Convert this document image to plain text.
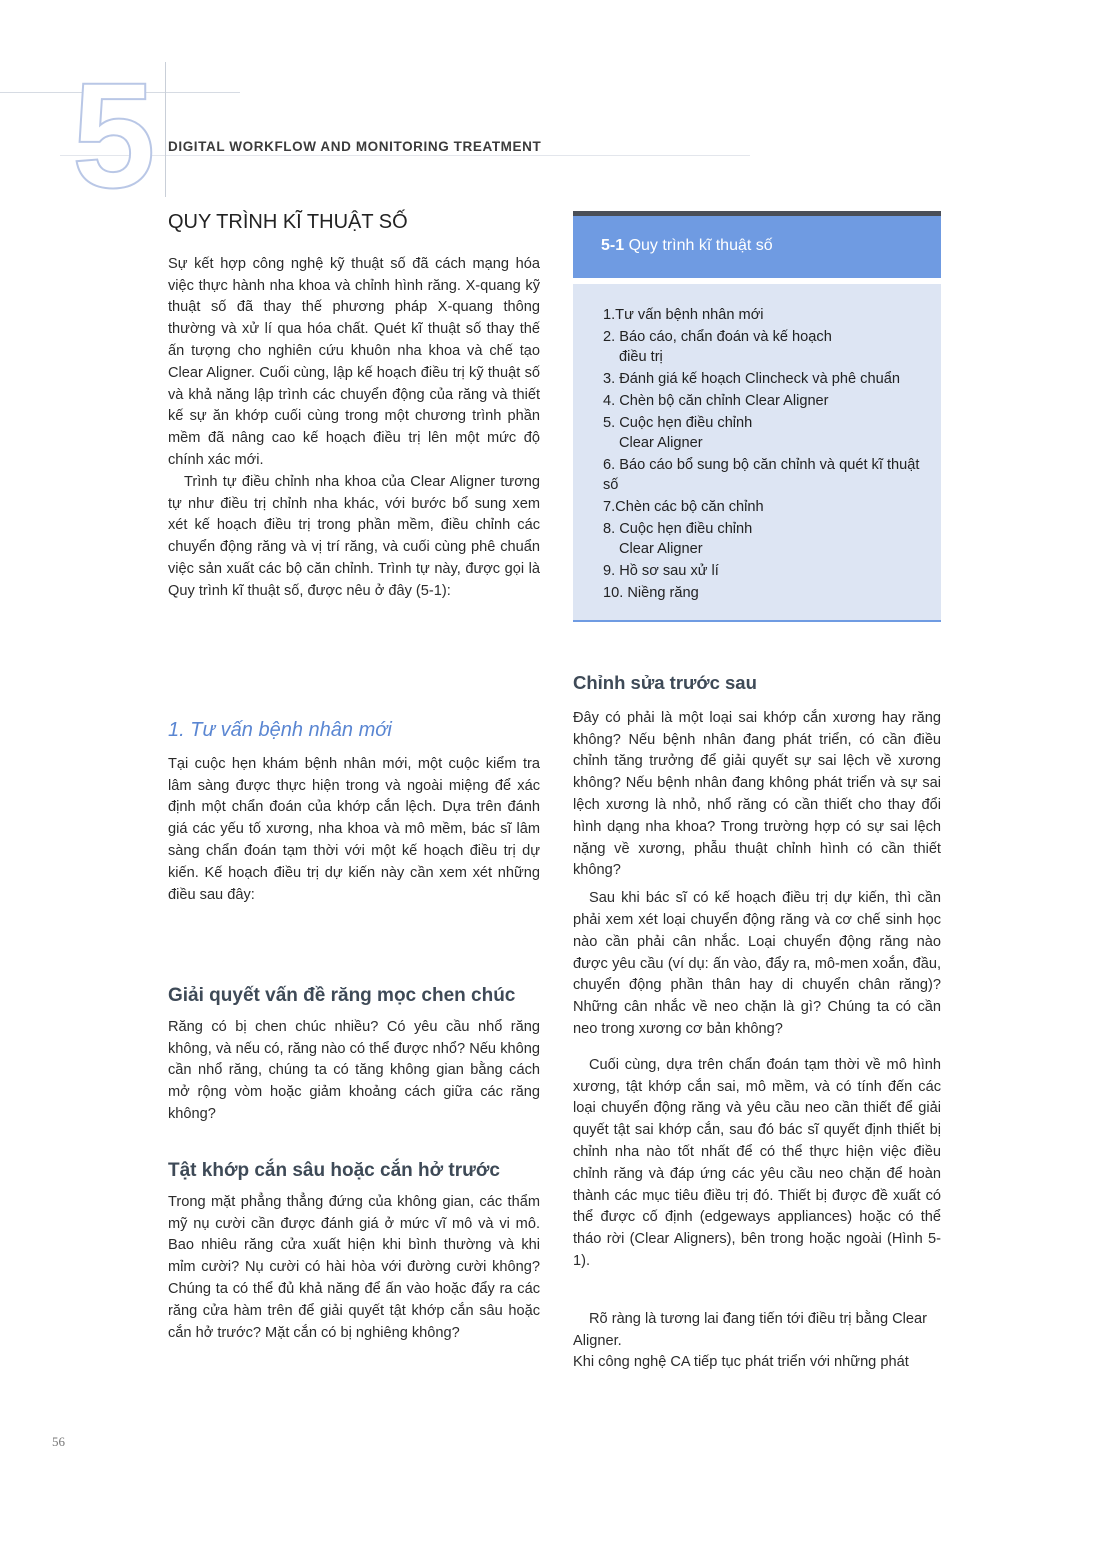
5 DIGITAL WORKFLOW AND MONITORING TREATMENT
QUY TRÌNH KĨ THUẬT SỐ

Sự kết hợp công nghệ kỹ thuật số đã cách mạng hóa việc thực hành nha khoa và chỉnh hình răng. X-quang kỹ thuật số đã thay thế phương pháp X-quang thông thường và xử lí qua hóa chất. Quét kĩ thuật số thay thế ấn tượng cho nghiên cứu khuôn nha khoa và chế tạo Clear Aligner. Cuối cùng, lập kế hoạch điều trị kỹ thuật số và khả năng lập trình các chuyển động của răng và thiết kế sự ăn khớp cuối cùng trong một chương trình phần mềm đã nâng cao kế hoạch điều trị lên một mức độ chính xác mới.

Trình tự điều chỉnh nha khoa của Clear Aligner tương tự như điều trị chỉnh nha khác, với bước bổ sung xem xét kế hoạch điều trị trong phần mềm, điều chỉnh các chuyển động răng và vị trí răng, và cuối cùng phê chuẩn việc sản xuất các bộ căn chỉnh. Trình tự này, được gọi là Quy trình kĩ thuật số, được nêu ở đây (5-1):

1. Tư vấn bệnh nhân mới

Tại cuộc hẹn khám bệnh nhân mới, một cuộc kiểm tra lâm sàng được thực hiện trong và ngoài miệng để xác định một chẩn đoán của khớp cắn lệch. Dựa trên đánh giá các yếu tố xương, nha khoa và mô mềm, bác sĩ lâm sàng chẩn đoán tạm thời với một kế hoạch điều trị dự kiến. Kế hoạch điều trị dự kiến này cần xem xét những điều sau đây:

Giải quyết vấn đề răng mọc chen chúc

Răng có bị chen chúc nhiều? Có yêu cầu nhổ răng không, và nếu có, răng nào có thể được nhổ? Nếu không cần nhổ răng, chúng ta có tăng không gian bằng cách mở rộng vòm hoặc giảm khoảng cách giữa các răng không?

Tật khớp cắn sâu hoặc cắn hở trước

Trong mặt phẳng thẳng đứng của không gian, các thẩm mỹ nụ cười cần được đánh giá ở mức vĩ mô và vi mô. Bao nhiêu răng cửa xuất hiện khi bình thường và khi mỉm cười? Nụ cười có hài hòa với đường cười không? Chúng ta có thể đủ khả năng để ấn vào hoặc đẩy ra các răng cửa hàm trên để giải quyết tật khớp cắn sâu hoặc cắn hở trước? Mặt cắn có bị nghiêng không?

5-1 Quy trình kĩ thuật số
1.Tư vấn bệnh nhân mới
2. Báo cáo, chẩn đoán và kế hoạch
điều trị
3. Đánh giá kế hoạch Clincheck và phê chuẩn
4. Chèn bộ căn chỉnh Clear Aligner
5. Cuộc hẹn điều chỉnh
Clear Aligner
6. Báo cáo bổ sung bộ căn chỉnh và quét kĩ thuật số
7.Chèn các bộ căn chỉnh
8. Cuộc hẹn điều chỉnh
Clear Aligner
9. Hồ sơ sau xử lí
10. Niềng răng
Chỉnh sửa trước sau

Đây có phải là một loại sai khớp cắn xương hay răng không? Nếu bệnh nhân đang phát triển, có cần điều chỉnh tăng trưởng để giải quyết sự sai lệch về xương không? Nếu bệnh nhân đang không phát triển và sự sai lệch xương là nhỏ, nhổ răng có cần thiết cho thay đổi hình dạng nha khoa? Trong trường hợp có sự sai lệch nặng về xương, phẫu thuật chỉnh hình có cần thiết không?

Sau khi bác sĩ có kế hoạch điều trị dự kiến, thì cần phải xem xét loại chuyển động răng và cơ chế sinh học nào cần phải cân nhắc. Loại chuyển động răng nào được yêu cầu (ví dụ: ấn vào, đẩy ra, mô-men xoắn, đầu, chuyển động phần thân hay di chuyển chân răng)? Những cân nhắc về neo chặn là gì? Chúng ta có cần neo trong xương cơ bản không?

Cuối cùng, dựa trên chẩn đoán tạm thời về mô hình xương, tật khớp cắn sai, mô mềm, và có tính đến các loại chuyển động răng và yêu cầu neo cần thiết để giải quyết tật sai khớp cắn, sau đó bác sĩ quyết định thiết bị chỉnh nha nào tốt nhất để có thể thực hiện việc điều chỉnh răng và đáp ứng các yêu cầu neo chặn để hoàn thành các mục tiêu điều trị đó. Thiết bị được đề xuất có thể được cố định (edgeways appliances) hoặc có thể tháo rời (Clear Aligners), bên trong hoặc ngoài (Hình 5-1).

Rõ ràng là tương lai đang tiến tới điều trị bằng Clear Aligner.

Khi công nghệ CA tiếp tục phát triển với những phát

56
